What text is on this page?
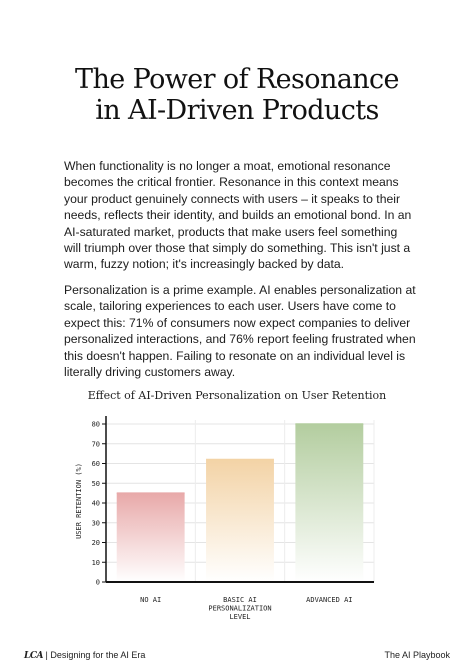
The Power of Resonance
in AI-Driven Products

When functionality is no longer a moat, emotional resonance becomes the critical frontier. Resonance in this context means your product genuinely connects with users – it speaks to their needs, reflects their identity, and builds an emotional bond. In an AI-saturated market, products that make users feel something will triumph over those that simply do something. This isn't just a warm, fuzzy notion; it's increasingly backed by data.

Personalization is a prime example. AI enables personalization at scale, tailoring experiences to each user. Users have come to expect this: 71% of consumers now expect companies to deliver personalized interactions, and 76% report feeling frustrated when this doesn't happen. Failing to resonate on an individual level is literally driving customers away.

Effect of AI-Driven Personalization on User Retention
NO AI	BASIC AI
PERSONALIZATION
LEVEL
ADVANCED AI
0
10
20
30
40
50
60
70
80
USER RETENTION (%)
LCA | Designing for the AI Era	The AI Playbook
